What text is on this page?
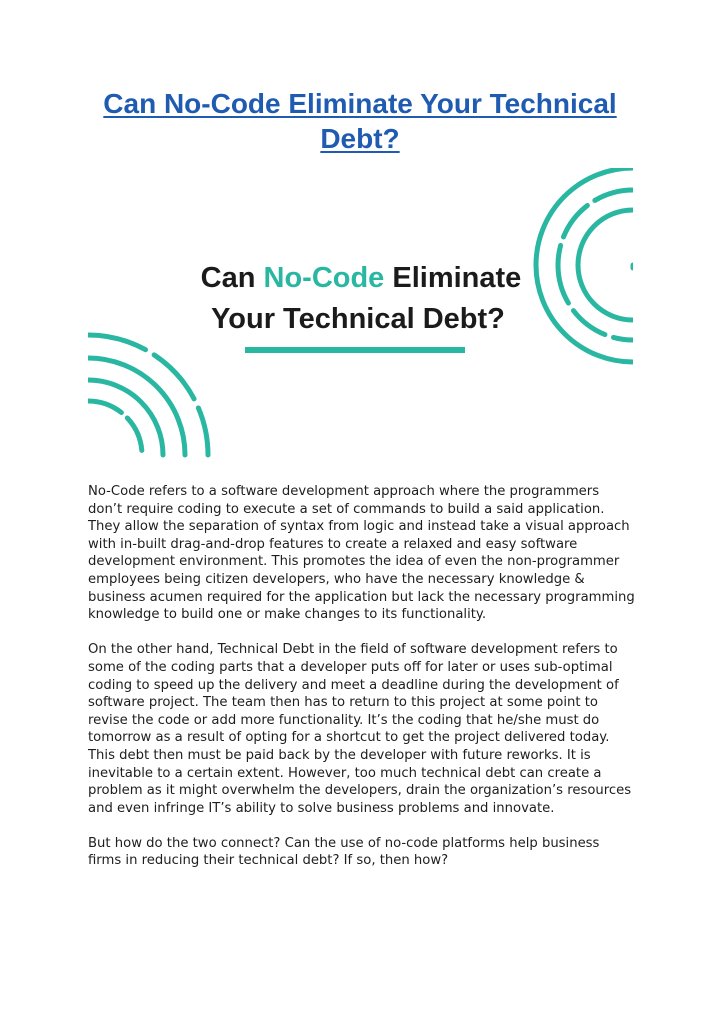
Can No-Code Eliminate Your Technical Debt?
Can No-Code Eliminate
Your Technical Debt?

No-Code refers to a software development approach where the programmers don’t require coding to execute a set of commands to build a said application. They allow the separation of syntax from logic and instead take a visual approach with in-built drag-and-drop features to create a relaxed and easy software development environment. This promotes the idea of even the non-programmer employees being citizen developers, who have the necessary knowledge & business acumen required for the application but lack the necessary programming knowledge to build one or make changes to its functionality.

On the other hand, Technical Debt in the field of software development refers to some of the coding parts that a developer puts off for later or uses sub-optimal coding to speed up the delivery and meet a deadline during the development of software project. The team then has to return to this project at some point to revise the code or add more functionality. It’s the coding that he/she must do tomorrow as a result of opting for a shortcut to get the project delivered today. This debt then must be paid back by the developer with future reworks. It is inevitable to a certain extent. However, too much technical debt can create a problem as it might overwhelm the developers, drain the organization’s resources and even infringe IT’s ability to solve business problems and innovate.

But how do the two connect? Can the use of no-code platforms help business firms in reducing their technical debt? If so, then how?
